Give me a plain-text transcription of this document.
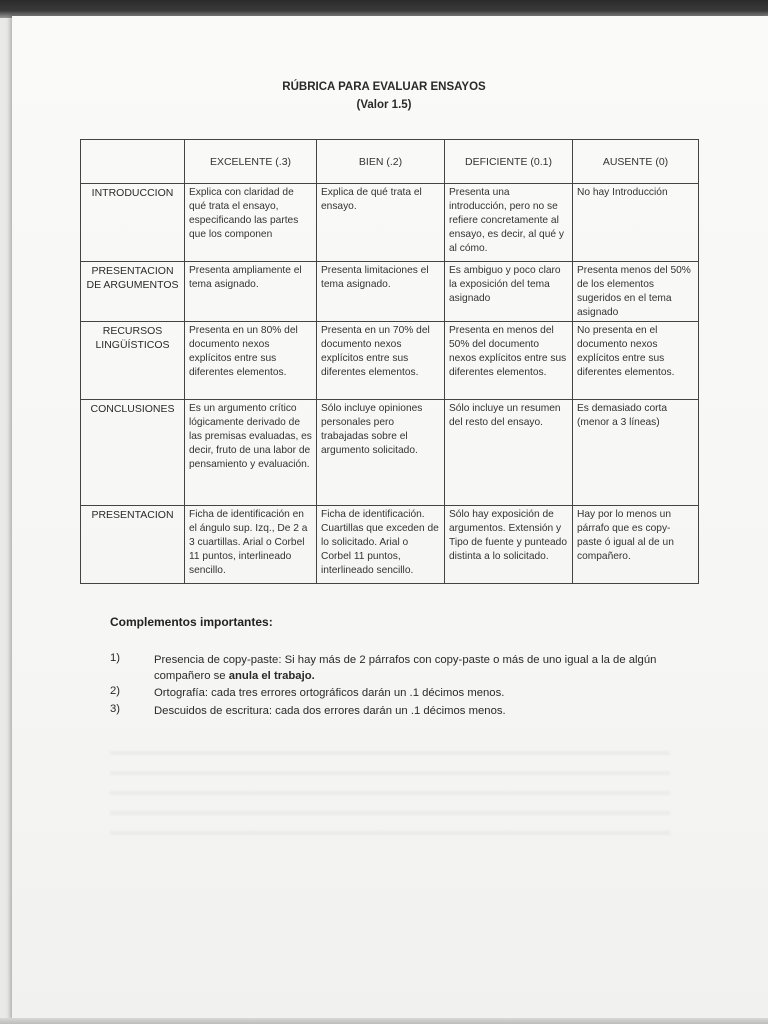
RÚBRICA PARA EVALUAR ENSAYOS
(Valor 1.5)
	EXCELENTE (.3)	BIEN (.2)	DEFICIENTE (0.1)	AUSENTE (0)
INTRODUCCION	Explica con claridad de qué trata el ensayo, especificando las partes que los componen	Explica de qué trata el ensayo.	Presenta una introducción, pero no se refiere concretamente al ensayo, es decir, al qué y al cómo.	No hay Introducción
PRESENTACION DE ARGUMENTOS	Presenta ampliamente el tema asignado.	Presenta limitaciones el tema asignado.	Es ambiguo y poco claro la exposición del tema asignado	Presenta menos del 50% de los elementos sugeridos en el tema asignado
RECURSOS LINGÜÍSTICOS	Presenta en un 80% del documento nexos explícitos entre sus diferentes elementos.	Presenta en un 70% del documento nexos explícitos entre sus diferentes elementos.	Presenta en menos del 50% del documento nexos explícitos entre sus diferentes elementos.	No presenta en el documento nexos explícitos entre sus diferentes elementos.
CONCLUSIONES	Es un argumento crítico lógicamente derivado de las premisas evaluadas, es decir, fruto de una labor de pensamiento y evaluación.	Sólo incluye opiniones personales pero trabajadas sobre el argumento solicitado.	Sólo incluye un resumen del resto del ensayo.	Es demasiado corta (menor a 3 líneas)
PRESENTACION	Ficha de identificación en el ángulo sup. Izq., De 2 a 3 cuartillas. Arial o Corbel 11 puntos, interlineado sencillo.	Ficha de identificación. Cuartillas que exceden de lo solicitado. Arial o Corbel 11 puntos, interlineado sencillo.	Sólo hay exposición de argumentos. Extensión y Tipo de fuente y punteado distinta a lo solicitado.	Hay por lo menos un párrafo que es copy-paste ó igual al de un compañero.
Complementos importantes:
1)	Presencia de copy-paste: Si hay más de 2 párrafos con copy-paste o más de uno igual a la de algún compañero se anula el trabajo.
2)	Ortografía: cada tres errores ortográficos darán un .1 décimos menos.
3)	Descuidos de escritura: cada dos errores darán un .1 décimos menos.
